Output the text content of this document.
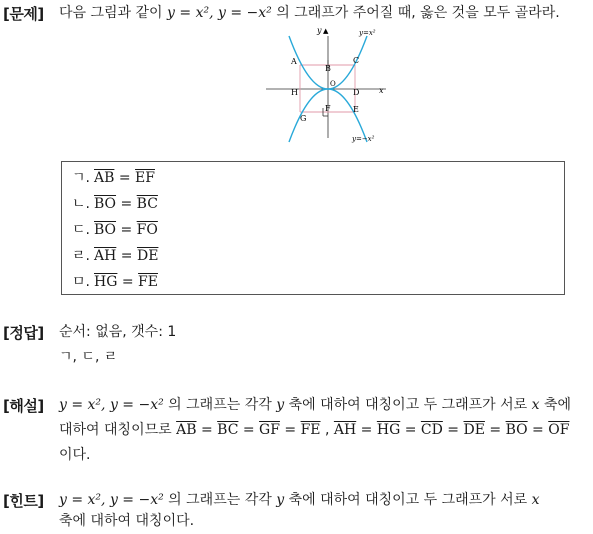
[문제] 다음 그림과 같이 y = x², y = −x² 의 그래프가 주어질 때, 옳은 것을 모두 골라라.
y ▲	y=x²
x
y=−x²
A
B
C
H
O
D
G
F	E
ㄱ. $\overline{AB} = \overline{EF}$
ㄴ. $\overline{BO} = \overline{BC}$
ㄷ. $\overline{BO} = \overline{FO}$
ㄹ. $\overline{AH} = \overline{DE}$
ㅁ. $\overline{HG} = \overline{FE}$
[정답] 순서: 없음, 갯수: 1
ㄱ, ㄷ, ㄹ
[해설] y = x², y = −x² 의 그래프는 각각 y 축에 대하여 대칭이고 두 그래프가 서로 x 축에
대하여 대칭이므로 $\overline{AB} = \overline{BC} = \overline{GF} = \overline{FE}$ , $\overline{AH} = \overline{HG} = \overline{CD} = \overline{DE} = \overline{BO} = \overline{OF}$
이다.
[힌트] y = x², y = −x² 의 그래프는 각각 y 축에 대하여 대칭이고 두 그래프가 서로 x
축에 대하여 대칭이다.
